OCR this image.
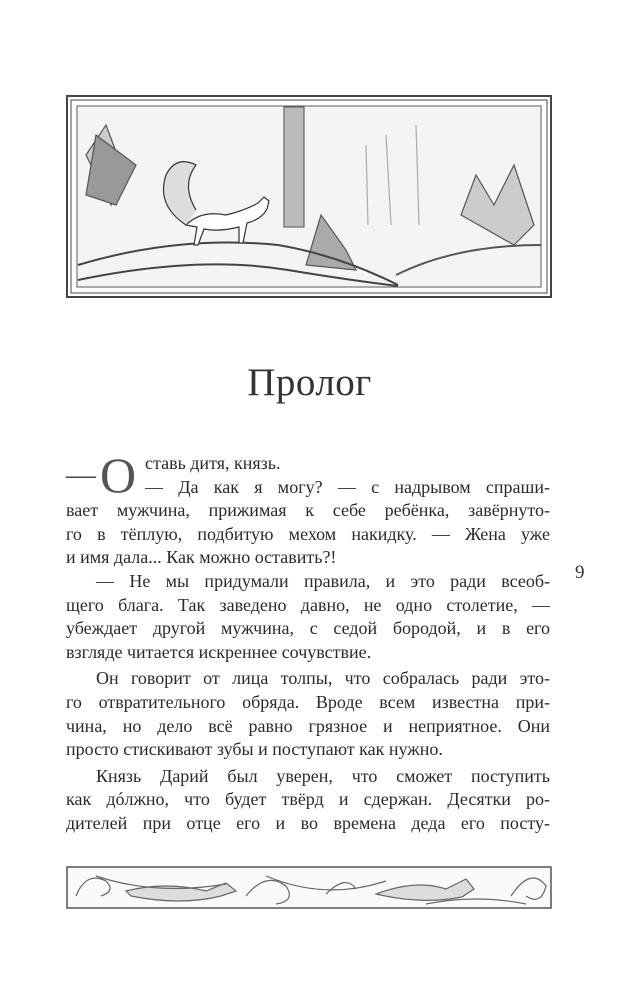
Пролог
— О ставь дитя, князь.
— Да как я могу? — с надрывом спраши-
вает мужчина, прижимая к себе ребёнка, завёрнуто-
го в тёплую, подбитую мехом накидку. — Жена уже
и имя дала... Как можно оставить?!
— Не мы придумали правила, и это ради всеоб-
щего блага. Так заведено давно, не одно столетие, —
убеждает другой мужчина, с седой бородой, и в его
взгляде читается искреннее сочувствие.
Он говорит от лица толпы, что собралась ради это-
го отвратительного обряда. Вроде всем известна при-
чина, но дело всё равно грязное и неприятное. Они
просто стискивают зубы и поступают как нужно.
Князь Дарий был уверен, что сможет поступить
как дóлжно, что будет твёрд и сдержан. Десятки ро-
дителей при отце его и во времена деда его посту-
9
